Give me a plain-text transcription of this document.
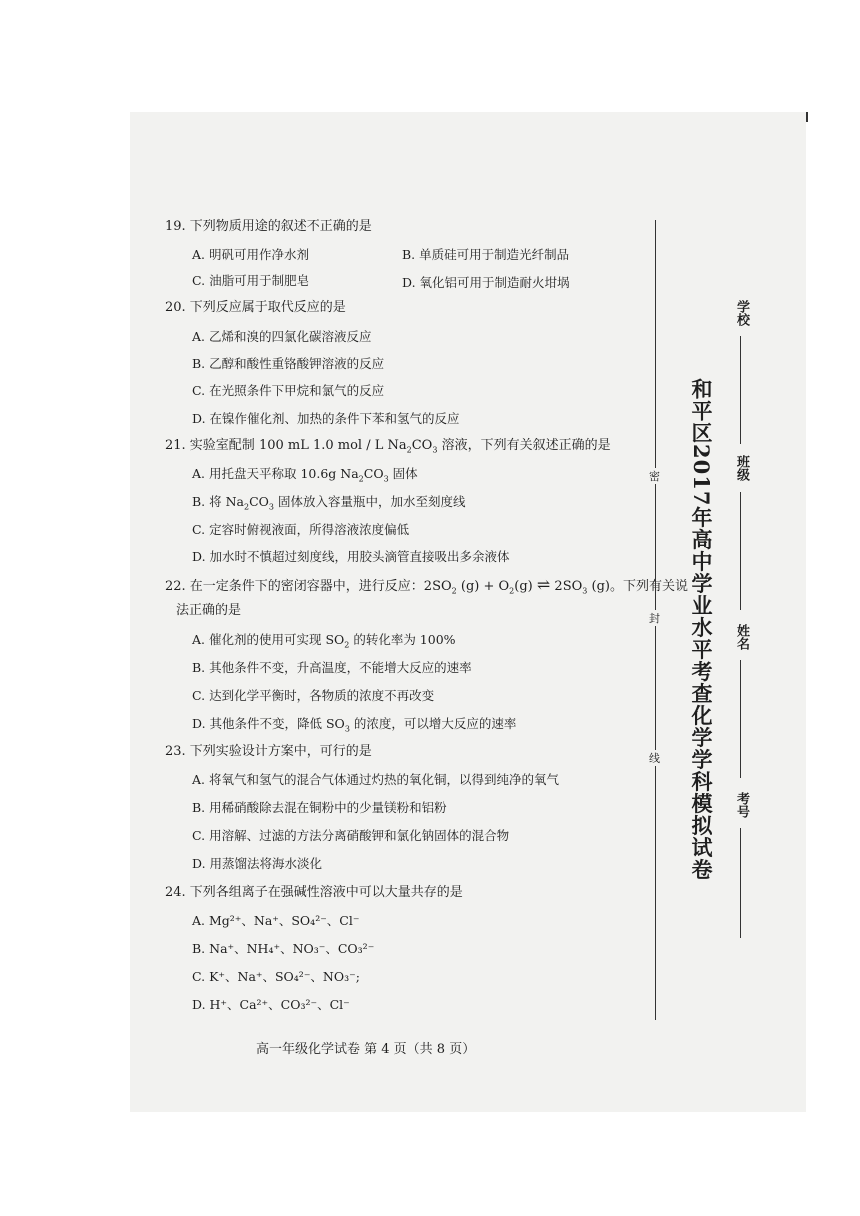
19. 下列物质用途的叙述不正确的是
A. 明矾可用作净水剂	B. 单质硅可用于制造光纤制品
C. 油脂可用于制肥皂	D. 氧化铝可用于制造耐火坩埚
20. 下列反应属于取代反应的是
A. 乙烯和溴的四氯化碳溶液反应
B. 乙醇和酸性重铬酸钾溶液的反应
C. 在光照条件下甲烷和氯气的反应
D. 在镍作催化剂、加热的条件下苯和氢气的反应
21. 实验室配制 100 mL 1.0 mol / L $Na_2CO_3$ 溶液，下列有关叙述正确的是
A. 用托盘天平称取 10.6g $Na_2CO_3$ 固体
B. 将 $Na_2CO_3$ 固体放入容量瓶中，加水至刻度线
C. 定容时俯视液面，所得溶液浓度偏低
D. 加水时不慎超过刻度线，用胶头滴管直接吸出多余液体
22. 在一定条件下的密闭容器中，进行反应：$2SO_2$ $(g) + O_2(g)$ ⇌ $2SO_3$ (g)。下列有关说
法正确的是
A. 催化剂的使用可实现 $SO_2$ 的转化率为 100%
B. 其他条件不变，升高温度，不能增大反应的速率
C. 达到化学平衡时，各物质的浓度不再改变
D. 其他条件不变，降低 $SO_3$ 的浓度，可以增大反应的速率
23. 下列实验设计方案中，可行的是
A. 将氧气和氢气的混合气体通过灼热的氧化铜，以得到纯净的氧气
B. 用稀硝酸除去混在铜粉中的少量镁粉和铝粉
C. 用溶解、过滤的方法分离硝酸钾和氯化钠固体的混合物
D. 用蒸馏法将海水淡化
24. 下列各组离子在强碱性溶液中可以大量共存的是
A. Mg²⁺、Na⁺、SO₄²⁻、Cl⁻
B. Na⁺、NH₄⁺、NO₃⁻、CO₃²⁻
C. K⁺、Na⁺、SO₄²⁻、NO₃⁻;
D. H⁺、Ca²⁺、CO₃²⁻、Cl⁻
密
封
线 和平区2017年高中学业水平考查化学学科模拟试卷
学校
班级
姓名
考号
高一年级化学试卷 第 4 页（共 8 页）
